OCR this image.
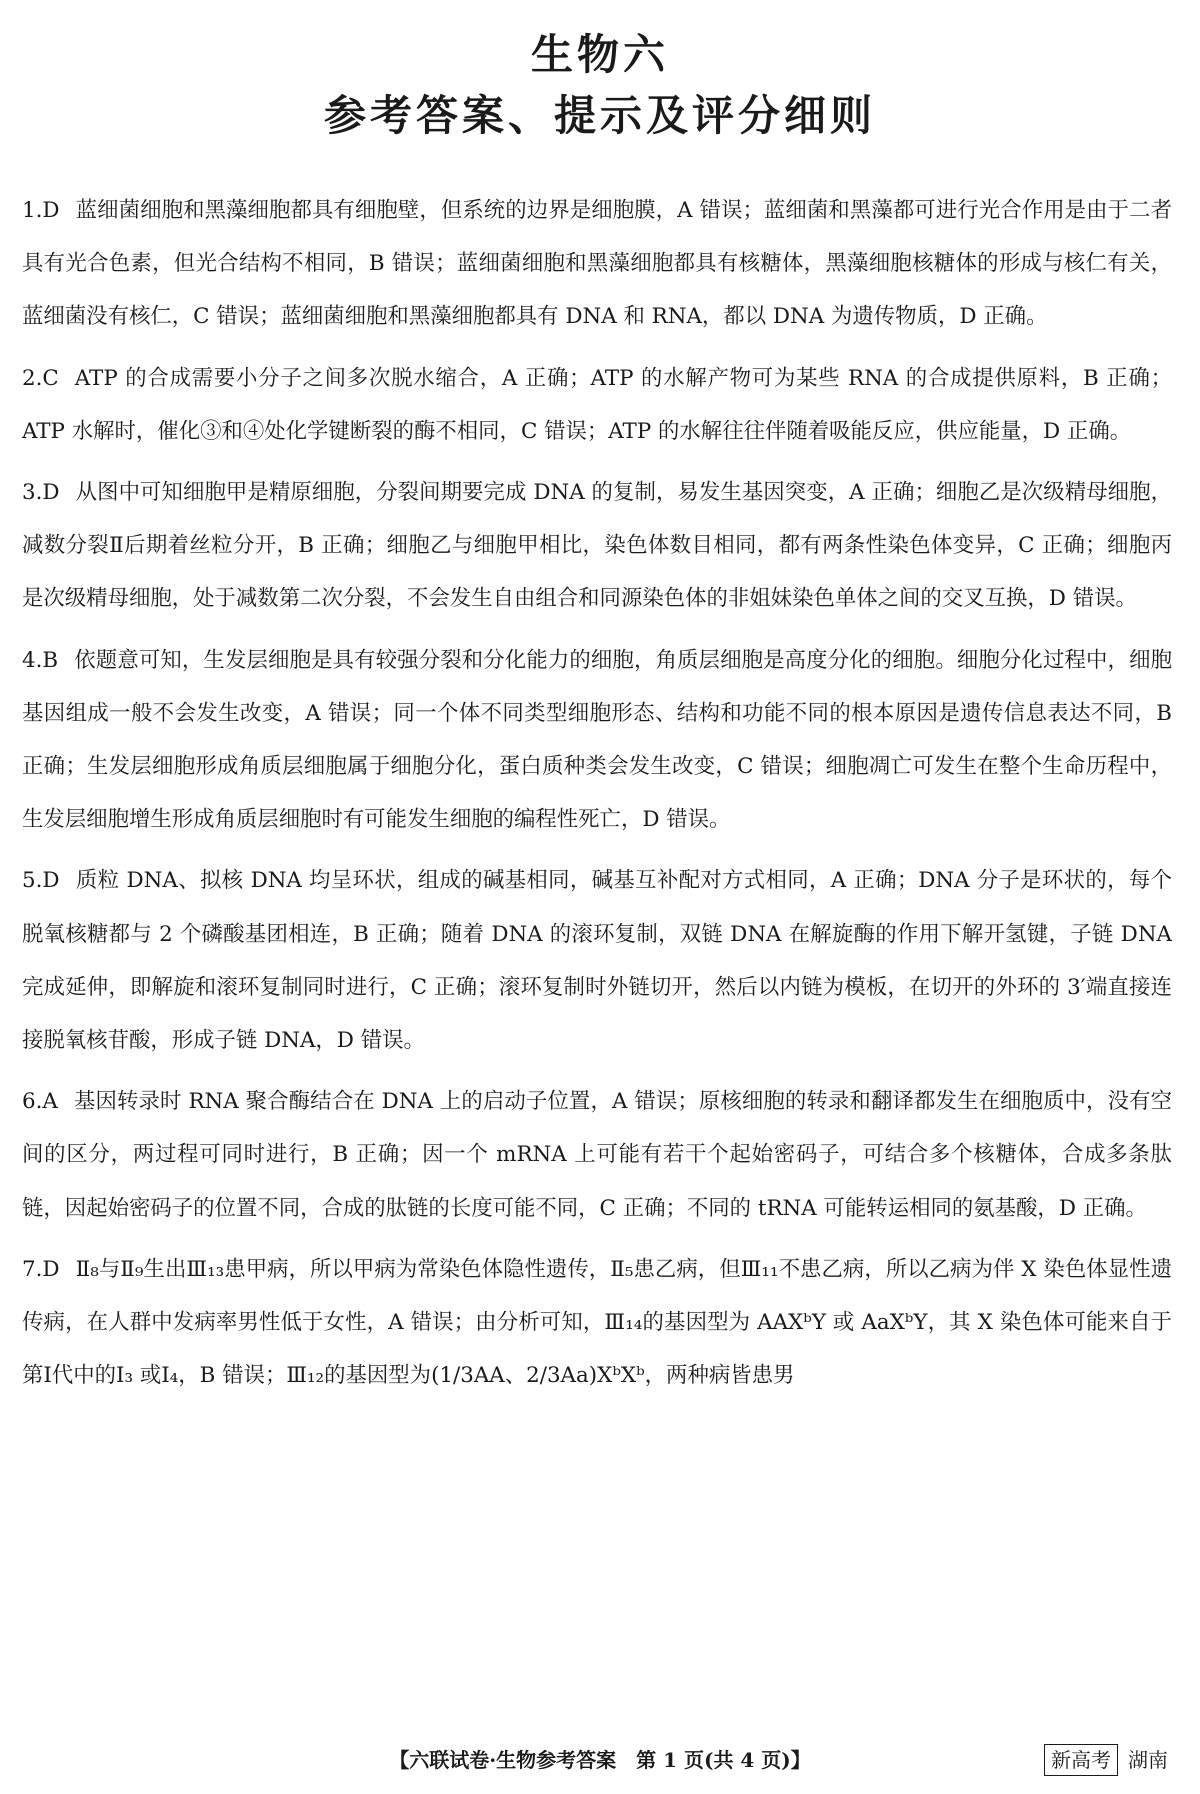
生物六
参考答案、提示及评分细则
1.D 蓝细菌细胞和黑藻细胞都具有细胞壁，但系统的边界是细胞膜，A 错误；蓝细菌和黑藻都可进行光合作用是由于二者具有光合色素，但光合结构不相同，B 错误；蓝细菌细胞和黑藻细胞都具有核糖体，黑藻细胞核糖体的形成与核仁有关，蓝细菌没有核仁，C 错误；蓝细菌细胞和黑藻细胞都具有 DNA 和 RNA，都以 DNA 为遗传物质，D 正确。
2.C ATP 的合成需要小分子之间多次脱水缩合，A 正确；ATP 的水解产物可为某些 RNA 的合成提供原料，B 正确；ATP 水解时，催化③和④处化学键断裂的酶不相同，C 错误；ATP 的水解往往伴随着吸能反应，供应能量，D 正确。
3.D 从图中可知细胞甲是精原细胞，分裂间期要完成 DNA 的复制，易发生基因突变，A 正确；细胞乙是次级精母细胞，减数分裂Ⅱ后期着丝粒分开，B 正确；细胞乙与细胞甲相比，染色体数目相同，都有两条性染色体变异，C 正确；细胞丙是次级精母细胞，处于减数第二次分裂，不会发生自由组合和同源染色体的非姐妹染色单体之间的交叉互换，D 错误。
4.B 依题意可知，生发层细胞是具有较强分裂和分化能力的细胞，角质层细胞是高度分化的细胞。细胞分化过程中，细胞基因组成一般不会发生改变，A 错误；同一个体不同类型细胞形态、结构和功能不同的根本原因是遗传信息表达不同，B 正确；生发层细胞形成角质层细胞属于细胞分化，蛋白质种类会发生改变，C 错误；细胞凋亡可发生在整个生命历程中，生发层细胞增生形成角质层细胞时有可能发生细胞的编程性死亡，D 错误。
5.D 质粒 DNA、拟核 DNA 均呈环状，组成的碱基相同，碱基互补配对方式相同，A 正确；DNA 分子是环状的，每个脱氧核糖都与 2 个磷酸基团相连，B 正确；随着 DNA 的滚环复制，双链 DNA 在解旋酶的作用下解开氢键，子链 DNA 完成延伸，即解旋和滚环复制同时进行，C 正确；滚环复制时外链切开，然后以内链为模板，在切开的外环的 3′端直接连接脱氧核苷酸，形成子链 DNA，D 错误。
6.A 基因转录时 RNA 聚合酶结合在 DNA 上的启动子位置，A 错误；原核细胞的转录和翻译都发生在细胞质中，没有空间的区分，两过程可同时进行，B 正确；因一个 mRNA 上可能有若干个起始密码子，可结合多个核糖体，合成多条肽链，因起始密码子的位置不同，合成的肽链的长度可能不同，C 正确；不同的 tRNA 可能转运相同的氨基酸，D 正确。
7.D Ⅱ₈与Ⅱ₉生出Ⅲ₁₃患甲病，所以甲病为常染色体隐性遗传，Ⅱ₅患乙病，但Ⅲ₁₁不患乙病，所以乙病为伴 X 染色体显性遗传病，在人群中发病率男性低于女性，A 错误；由分析可知，Ⅲ₁₄的基因型为 AAXᵇY 或 AaXᵇY，其 X 染色体可能来自于第Ⅰ代中的Ⅰ₃ 或Ⅰ₄，B 错误；Ⅲ₁₂的基因型为(1/3AA、2/3Aa)XᵇXᵇ，两种病皆患男
【六联试卷·生物参考答案　第 1 页(共 4 页)】	新高考 湖南
